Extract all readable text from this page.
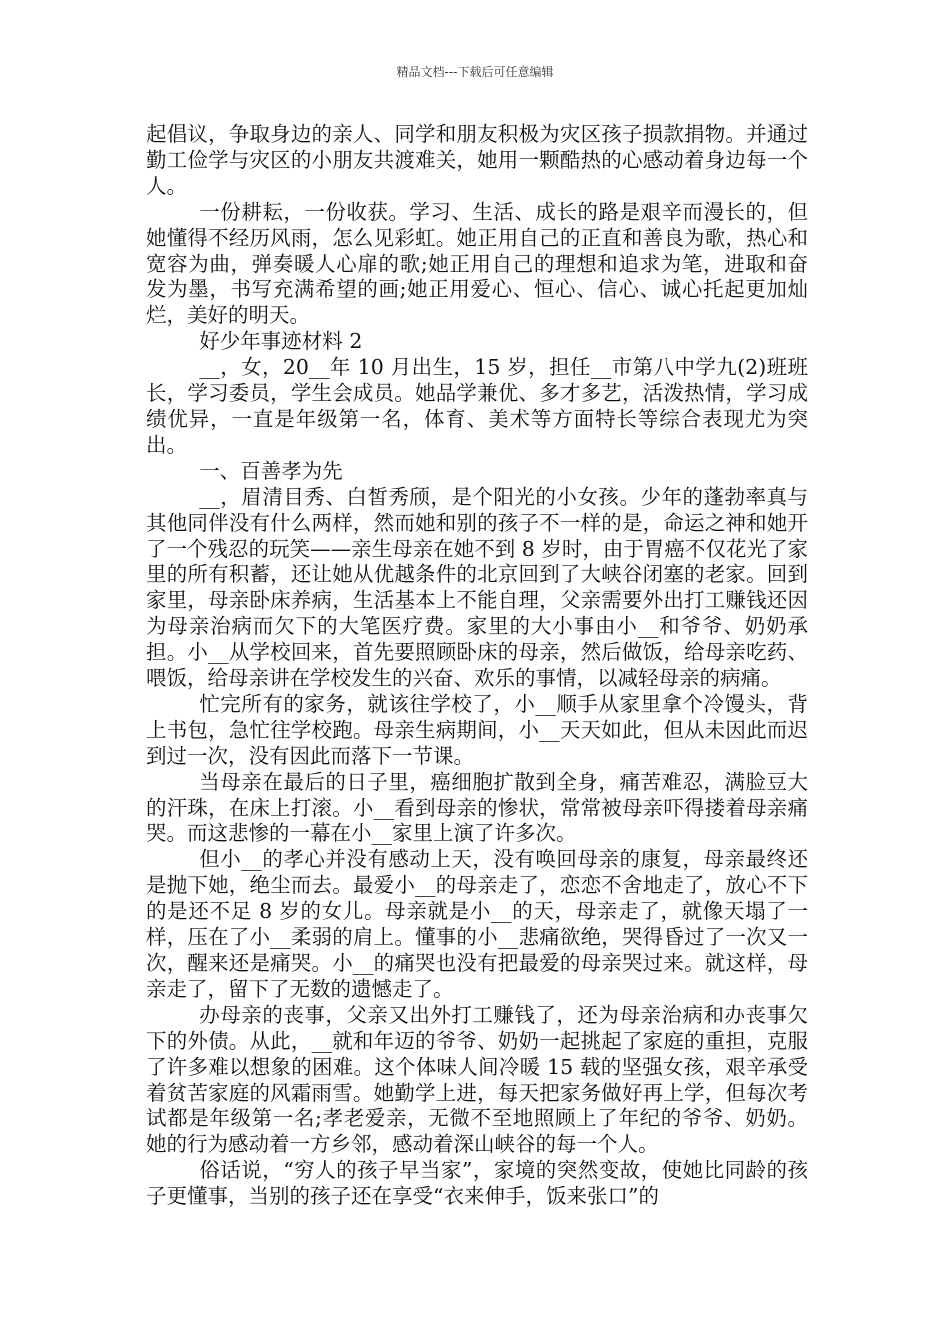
精品文档---下载后可任意编辑

起倡议，争取身边的亲人、同学和朋友积极为灾区孩子损款捐物。并通过勤工俭学与灾区的小朋友共渡难关，她用一颗酷热的心感动着身边每一个人。

一份耕耘，一份收获。学习、生活、成长的路是艰辛而漫长的，但她懂得不经历风雨，怎么见彩虹。她正用自己的正直和善良为歌，热心和宽容为曲，弹奏暖人心扉的歌;她正用自己的理想和追求为笔，进取和奋发为墨，书写充满希望的画;她正用爱心、恒心、信心、诚心托起更加灿烂，美好的明天。

好少年事迹材料 2

__，女，20__年 10 月出生，15 岁，担任__市第八中学九(2)班班长，学习委员，学生会成员。她品学兼优、多才多艺，活泼热情，学习成绩优异，一直是年级第一名，体育、美术等方面特长等综合表现尤为突出。

一、百善孝为先

__，眉清目秀、白皙秀颀，是个阳光的小女孩。少年的蓬勃率真与其他同伴没有什么两样，然而她和别的孩子不一样的是，命运之神和她开了一个残忍的玩笑——亲生母亲在她不到 8 岁时，由于胃癌不仅花光了家里的所有积蓄，还让她从优越条件的北京回到了大峡谷闭塞的老家。回到家里，母亲卧床养病，生活基本上不能自理，父亲需要外出打工赚钱还因为母亲治病而欠下的大笔医疗费。家里的大小事由小__和爷爷、奶奶承担。小__从学校回来，首先要照顾卧床的母亲，然后做饭，给母亲吃药、喂饭，给母亲讲在学校发生的兴奋、欢乐的事情，以减轻母亲的病痛。

忙完所有的家务，就该往学校了，小__顺手从家里拿个冷馒头，背上书包，急忙往学校跑。母亲生病期间，小__天天如此，但从未因此而迟到过一次，没有因此而落下一节课。

当母亲在最后的日子里，癌细胞扩散到全身，痛苦难忍，满脸豆大的汗珠，在床上打滚。小__看到母亲的惨状，常常被母亲吓得搂着母亲痛哭。而这悲惨的一幕在小__家里上演了许多次。

但小__的孝心并没有感动上天，没有唤回母亲的康复，母亲最终还是抛下她，绝尘而去。最爱小__的母亲走了，恋恋不舍地走了，放心不下的是还不足 8 岁的女儿。母亲就是小__的天，母亲走了，就像天塌了一样，压在了小__柔弱的肩上。懂事的小__悲痛欲绝，哭得昏过了一次又一次，醒来还是痛哭。小__的痛哭也没有把最爱的母亲哭过来。就这样，母亲走了，留下了无数的遗憾走了。

办母亲的丧事，父亲又出外打工赚钱了，还为母亲治病和办丧事欠下的外债。从此，__就和年迈的爷爷、奶奶一起挑起了家庭的重担，克服了许多难以想象的困难。这个体味人间冷暖 15 载的坚强女孩，艰辛承受着贫苦家庭的风霜雨雪。她勤学上进，每天把家务做好再上学，但每次考试都是年级第一名;孝老爱亲，无微不至地照顾上了年纪的爷爷、奶奶。她的行为感动着一方乡邻，感动着深山峡谷的每一个人。

俗话说，“穷人的孩子早当家”，家境的突然变故，使她比同龄的孩子更懂事，当别的孩子还在享受“衣来伸手，饭来张口”的
